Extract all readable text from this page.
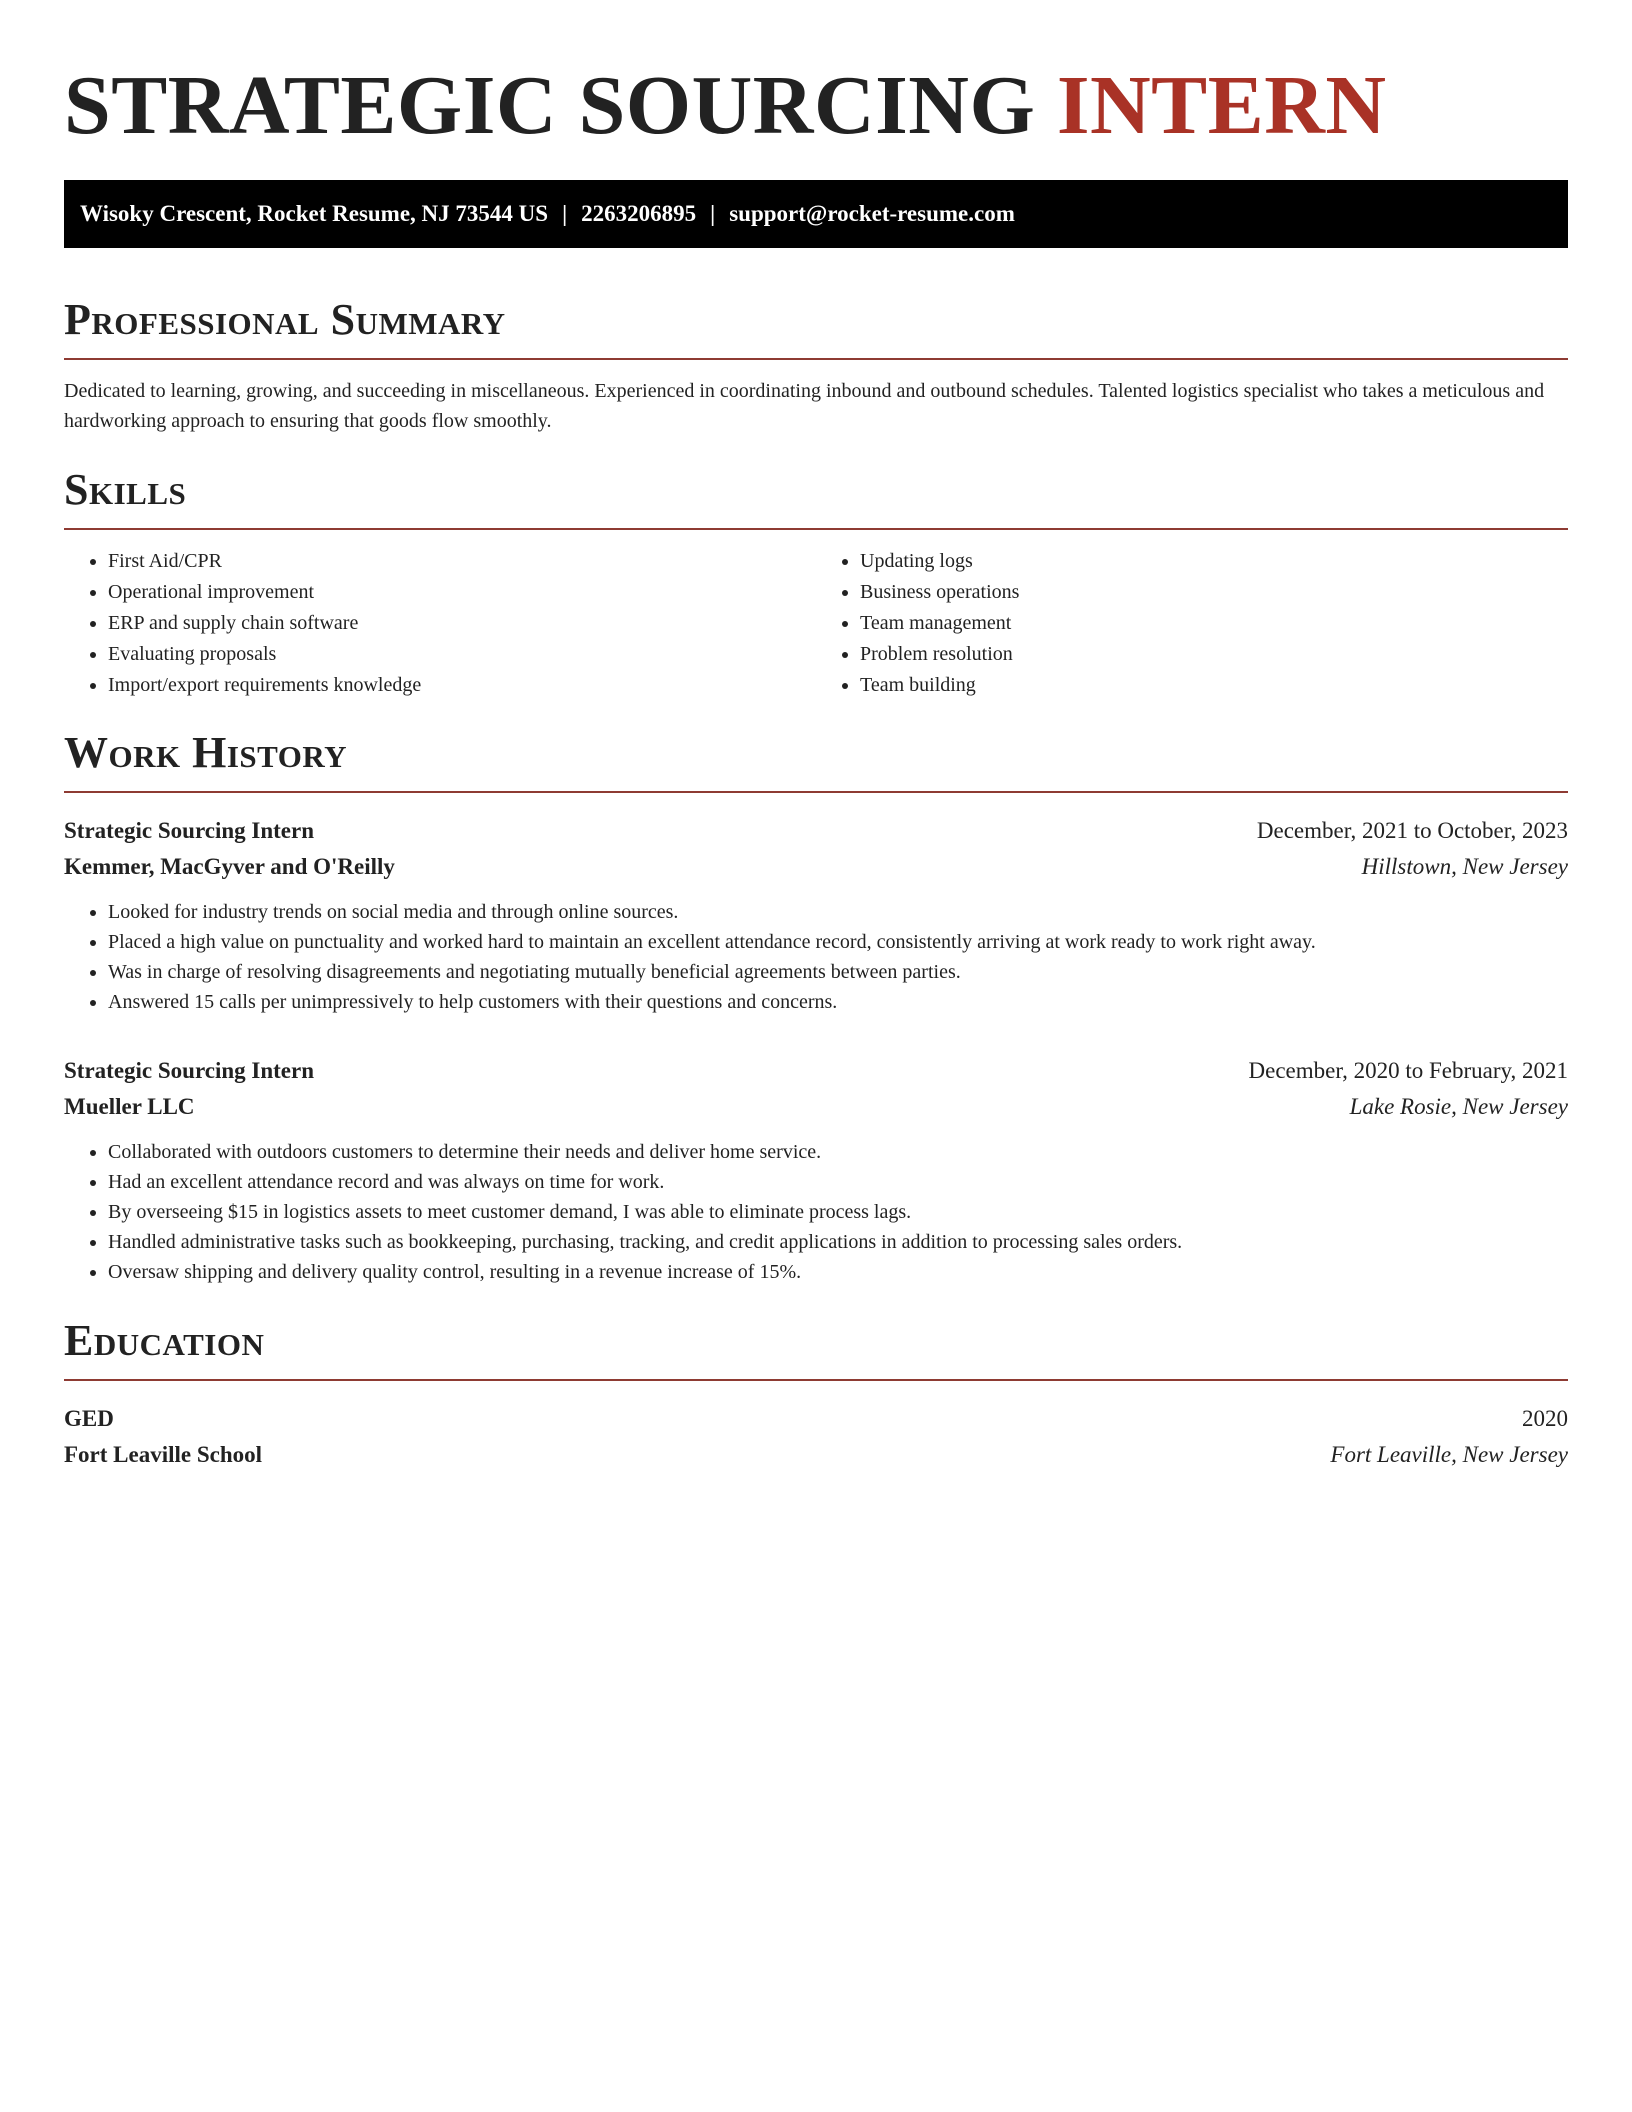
STRATEGIC SOURCING INTERN
Wisoky Crescent, Rocket Resume, NJ 73544 US | 2263206895 | support@rocket-resume.com
Professional Summary

Dedicated to learning, growing, and succeeding in miscellaneous. Experienced in coordinating inbound and outbound schedules. Talented logistics specialist who takes a meticulous and hardworking approach to ensuring that goods flow smoothly.

Skills
• First Aid/CPR
• Operational improvement
• ERP and supply chain software
• Evaluating proposals
• Import/export requirements knowledge
• Updating logs
• Business operations
• Team management
• Problem resolution
• Team building
Work History
Strategic Sourcing Intern	December, 2021 to October, 2023
Kemmer, MacGyver and O'Reilly	Hillstown, New Jersey
• Looked for industry trends on social media and through online sources.
• Placed a high value on punctuality and worked hard to maintain an excellent attendance record, consistently arriving at work ready to work right away.
• Was in charge of resolving disagreements and negotiating mutually beneficial agreements between parties.
• Answered 15 calls per unimpressively to help customers with their questions and concerns.
Strategic Sourcing Intern	December, 2020 to February, 2021
Mueller LLC	Lake Rosie, New Jersey
• Collaborated with outdoors customers to determine their needs and deliver home service.
• Had an excellent attendance record and was always on time for work.
• By overseeing $15 in logistics assets to meet customer demand, I was able to eliminate process lags.
• Handled administrative tasks such as bookkeeping, purchasing, tracking, and credit applications in addition to processing sales orders.
• Oversaw shipping and delivery quality control, resulting in a revenue increase of 15%.
Education
GED	2020
Fort Leaville School	Fort Leaville, New Jersey
